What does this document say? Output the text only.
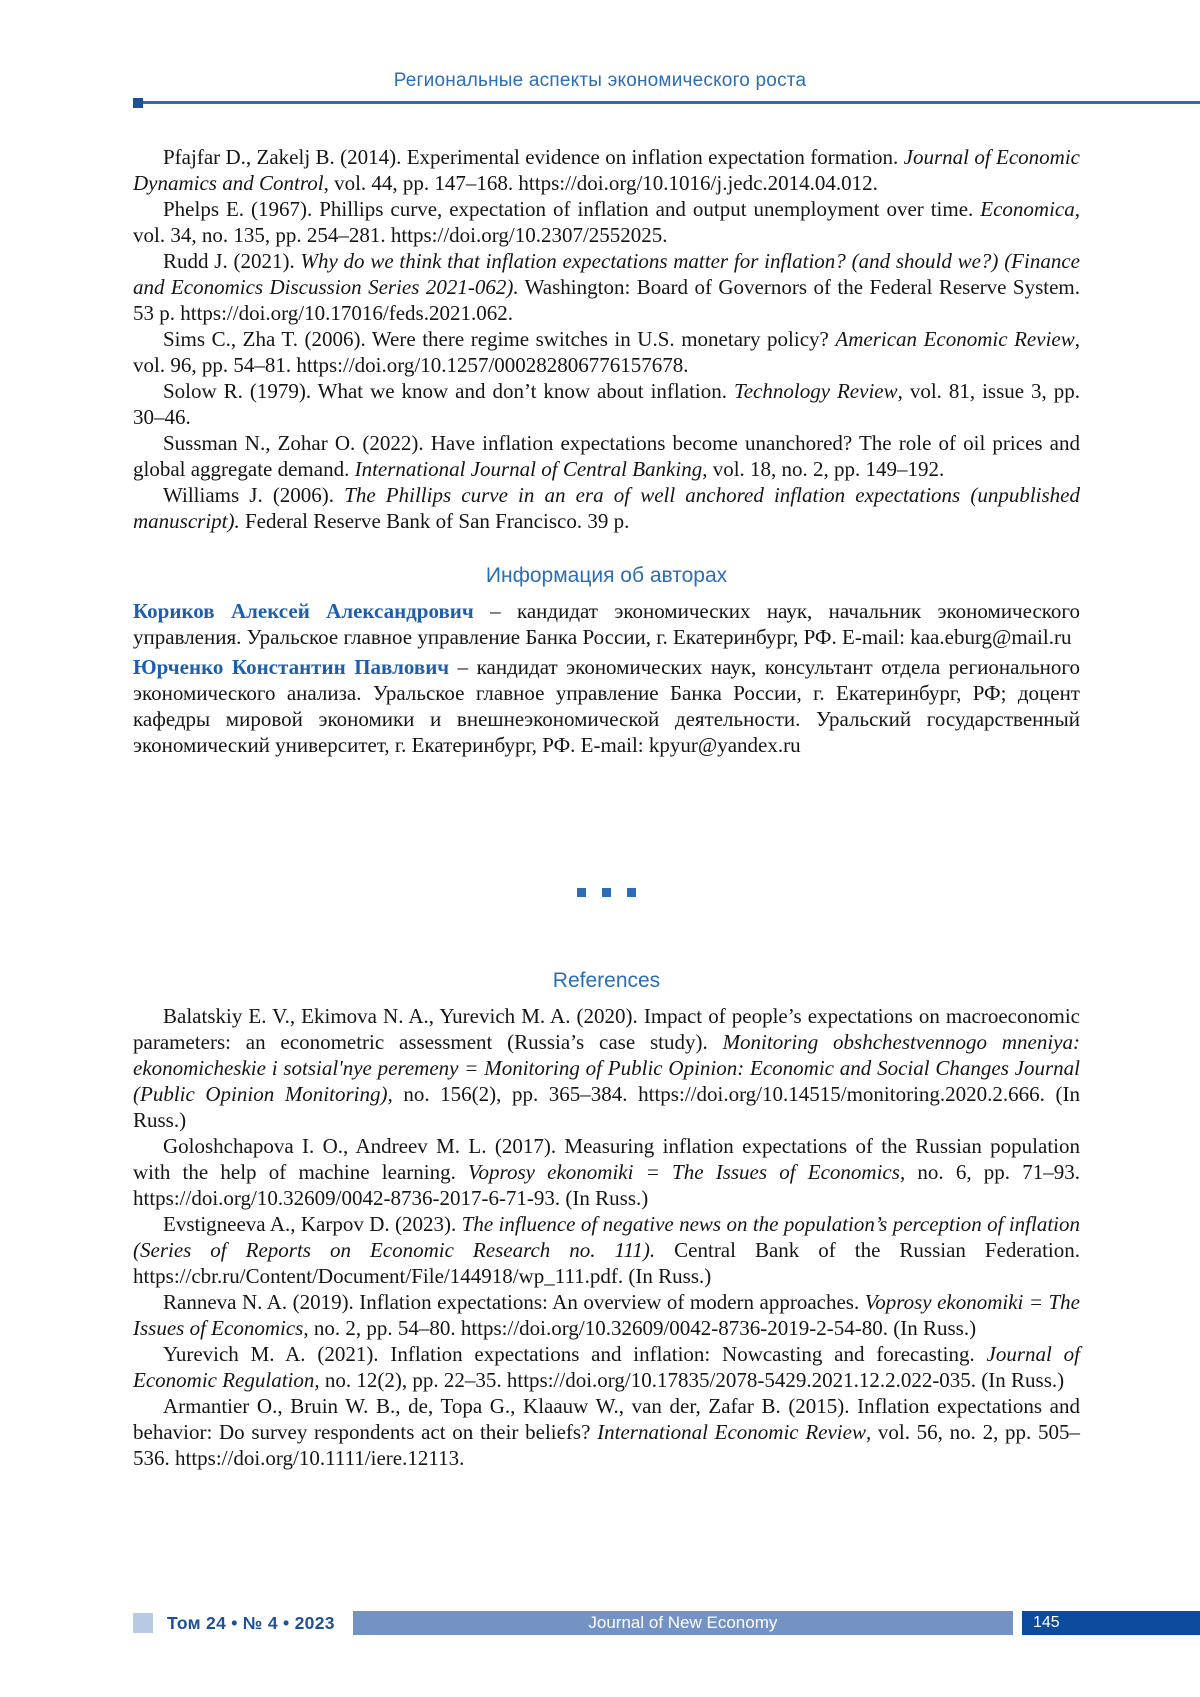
Региональные аспекты экономического роста

Pfajfar D., Zakelj B. (2014). Experimental evidence on inflation expectation formation. Journal of Economic Dynamics and Control, vol. 44, pp. 147–168. https://doi.org/10.1016/j.jedc.2014.04.012.

Phelps E. (1967). Phillips curve, expectation of inflation and output unemployment over time. Economica, vol. 34, no. 135, pp. 254–281. https://doi.org/10.2307/2552025.

Rudd J. (2021). Why do we think that inflation expectations matter for inflation? (and should we?) (Finance and Economics Discussion Series 2021-062). Washington: Board of Governors of the Federal Reserve System. 53 p. https://doi.org/10.17016/feds.2021.062.

Sims C., Zha T. (2006). Were there regime switches in U.S. monetary policy? American Economic Review, vol. 96, pp. 54–81. https://doi.org/10.1257/000282806776157678.

Solow R. (1979). What we know and don’t know about inflation. Technology Review, vol. 81, issue 3, pp. 30–46.

Sussman N., Zohar O. (2022). Have inflation expectations become unanchored? The role of oil prices and global aggregate demand. International Journal of Central Banking, vol. 18, no. 2, pp. 149–192.

Williams J. (2006). The Phillips curve in an era of well anchored inflation expectations (unpublished manuscript). Federal Reserve Bank of San Francisco. 39 p.

Информация об авторах

Кориков Алексей Александрович – кандидат экономических наук, начальник экономического управления. Уральское главное управление Банка России, г. Екатеринбург, РФ. E-mail: kaa.eburg@mail.ru

Юрченко Константин Павлович – кандидат экономических наук, консультант отдела регионального экономического анализа. Уральское главное управление Банка России, г. Екатеринбург, РФ; доцент кафедры мировой экономики и внешнеэкономической деятельности. Уральский государственный экономический университет, г. Екатеринбург, РФ. E-mail: kpyur@yandex.ru

References

Balatskiy E. V., Ekimova N. A., Yurevich M. A. (2020). Impact of people’s expectations on macroeconomic parameters: an econometric assessment (Russia’s case study). Monitoring obshchestvennogo mneniya: ekonomicheskie i sotsial'nye peremeny = Monitoring of Public Opinion: Economic and Social Changes Journal (Public Opinion Monitoring), no. 156(2), pp. 365–384. https://doi.org/10.14515/monitoring.2020.2.666. (In Russ.)

Goloshchapova I. O., Andreev M. L. (2017). Measuring inflation expectations of the Russian population with the help of machine learning. Voprosy ekonomiki = The Issues of Economics, no. 6, pp. 71–93. https://doi.org/10.32609/0042-8736-2017-6-71-93. (In Russ.)

Evstigneeva A., Karpov D. (2023). The influence of negative news on the population’s perception of inflation (Series of Reports on Economic Research no. 111). Central Bank of the Russian Federation. https://cbr.ru/Content/Document/File/144918/wp_111.pdf. (In Russ.)

Ranneva N. A. (2019). Inflation expectations: An overview of modern approaches. Voprosy ekonomiki = The Issues of Economics, no. 2, pp. 54–80. https://doi.org/10.32609/0042-8736-2019-2-54-80. (In Russ.)

Yurevich M. A. (2021). Inflation expectations and inflation: Nowcasting and forecasting. Journal of Economic Regulation, no. 12(2), pp. 22–35. https://doi.org/10.17835/2078-5429.2021.12.2.022-035. (In Russ.)

Armantier O., Bruin W. B., de, Topa G., Klaauw W., van der, Zafar B. (2015). Inflation expectations and behavior: Do survey respondents act on their beliefs? International Economic Review, vol. 56, no. 2, pp. 505–536. https://doi.org/10.1111/iere.12113.

Том 24 • № 4 • 2023	Journal of New Economy	145
